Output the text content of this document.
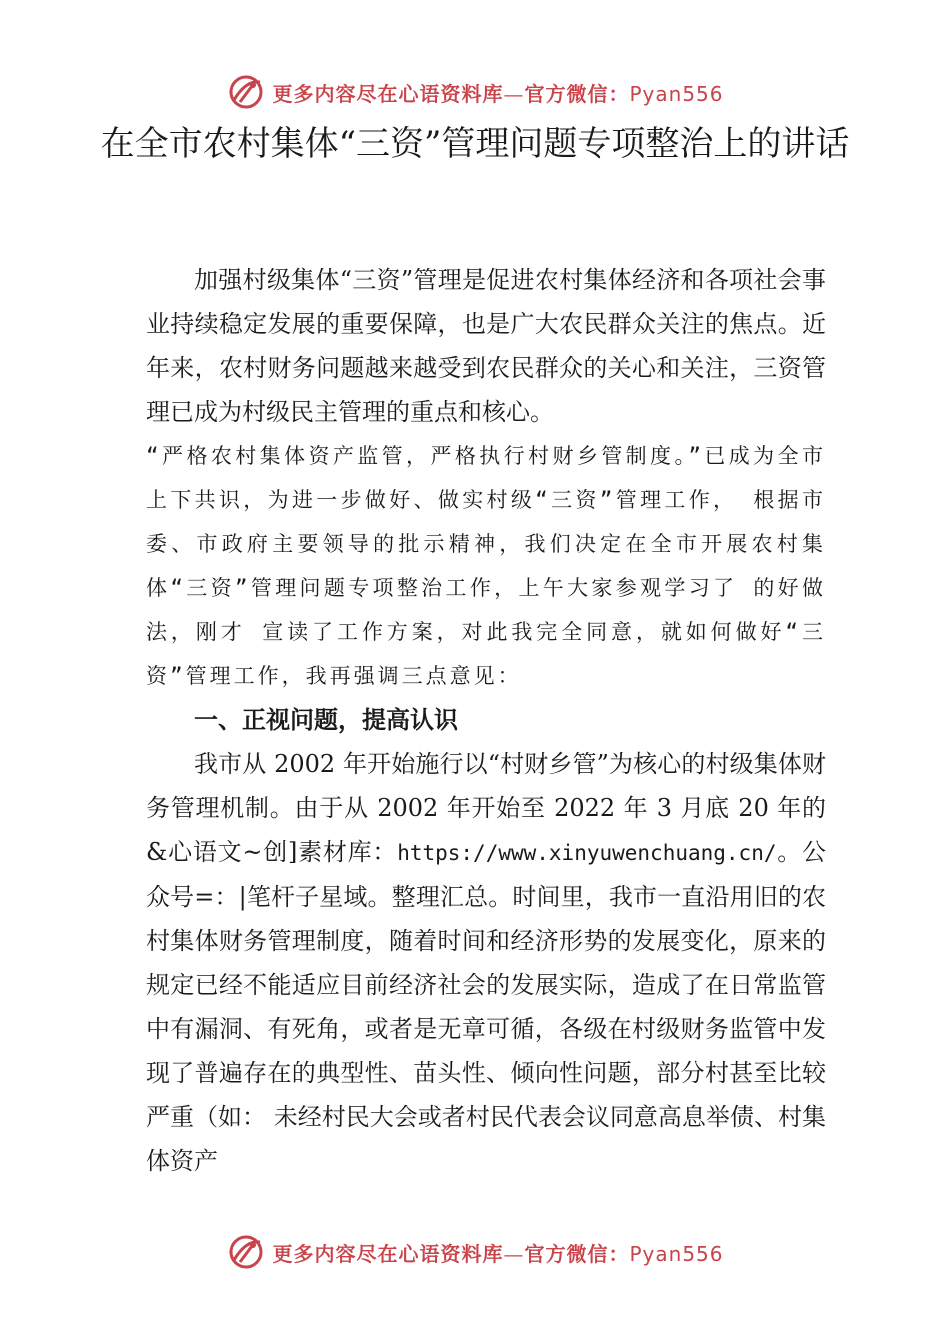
更多内容尽在心语资料库—官方微信：Pyan556
在全市农村集体“三资”管理问题专项整治上的讲话

加强村级集体“三资”管理是促进农村集体经济和各项社会事业持续稳定发展的重要保障，也是广大农民群众关注的焦点。近年来，农村财务问题越来越受到农民群众的关心和关注，三资管理已成为村级民主管理的重点和核心。

“严格农村集体资产监管，严格执行村财乡管制度。”已成为全市上下共识，为进一步做好、做实村级“三资”管理工作， 根据市委、市政府主要领导的批示精神，我们决定在全市开展农村集体“三资”管理问题专项整治工作，上午大家参观学习了 的好做法，刚才 宣读了工作方案，对此我完全同意，就如何做好“三资”管理工作，我再强调三点意见：

一、正视问题，提高认识

我市从 2002 年开始施行以“村财乡管”为核心的村级集体财务管理机制。由于从 2002 年开始至 2022 年 3 月底 20 年的&心语文~创]素材库：https://www.xinyuwenchuang.cn/。公众号=：|笔杆子星域。整理汇总。时间里，我市一直沿用旧的农村集体财务管理制度，随着时间和经济形势的发展变化，原来的规定已经不能适应目前经济社会的发展实际，造成了在日常监管中有漏洞、有死角，或者是无章可循，各级在村级财务监管中发现了普遍存在的典型性、苗头性、倾向性问题，部分村甚至比较严重（如： 未经村民大会或者村民代表会议同意高息举债、村集体资产

更多内容尽在心语资料库—官方微信：Pyan556
